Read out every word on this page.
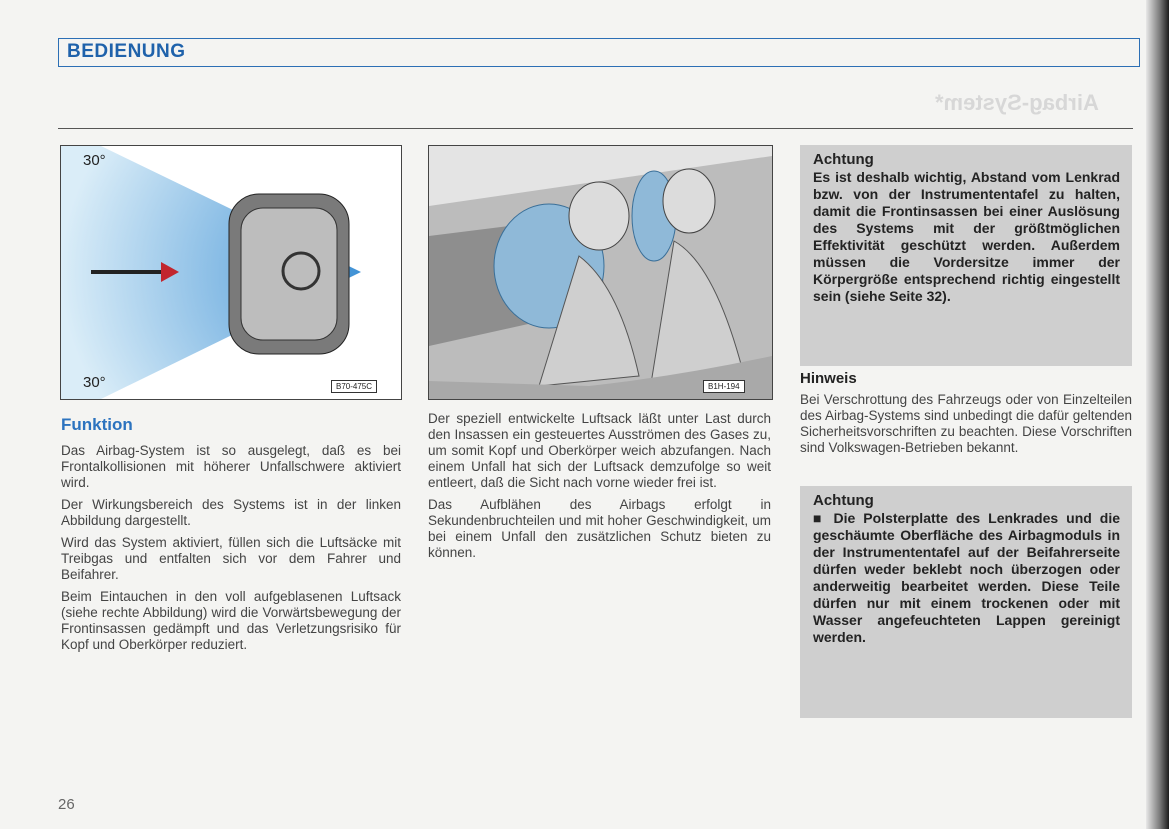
BEDIENUNG
Airbag-System*
30°
30°	B70-475C	B1H-194
Funktion

Das Airbag-System ist so ausgelegt, daß es bei Frontalkollisionen mit höherer Unfallschwere aktiviert wird.

Der Wirkungsbereich des Systems ist in der linken Abbildung dargestellt.

Wird das System aktiviert, füllen sich die Luftsäcke mit Treibgas und entfalten sich vor dem Fahrer und Beifahrer.

Beim Eintauchen in den voll aufgeblasenen Luftsack (siehe rechte Abbildung) wird die Vorwärtsbewegung der Frontinsassen gedämpft und das Verletzungsrisiko für Kopf und Oberkörper reduziert.

Der speziell entwickelte Luftsack läßt unter Last durch den Insassen ein gesteuertes Ausströmen des Gases zu, um somit Kopf und Oberkörper weich abzufangen. Nach einem Unfall hat sich der Luftsack demzufolge so weit entleert, daß die Sicht nach vorne wieder frei ist.

Das Aufblähen des Airbags erfolgt in Sekundenbruchteilen und mit hoher Geschwindigkeit, um bei einem Unfall den zusätzlichen Schutz bieten zu können.

Achtung

Es ist deshalb wichtig, Abstand vom Lenkrad bzw. von der Instrumententafel zu halten, damit die Frontinsassen bei einer Auslösung des Systems mit der größtmöglichen Effektivität geschützt werden. Außerdem müssen die Vordersitze immer der Körpergröße entsprechend richtig eingestellt sein (siehe Seite 32).

Hinweis

Bei Verschrottung des Fahrzeugs oder von Einzelteilen des Airbag-Systems sind unbedingt die dafür geltenden Sicherheitsvorschriften zu beachten. Diese Vorschriften sind Volkswagen-Betrieben bekannt.

Achtung

■ Die Polsterplatte des Lenkrades und die geschäumte Oberfläche des Airbagmoduls in der Instrumententafel auf der Beifahrerseite dürfen weder beklebt noch überzogen oder anderweitig bearbeitet werden. Diese Teile dürfen nur mit einem trockenen oder mit Wasser angefeuchteten Lappen gereinigt werden.

26
